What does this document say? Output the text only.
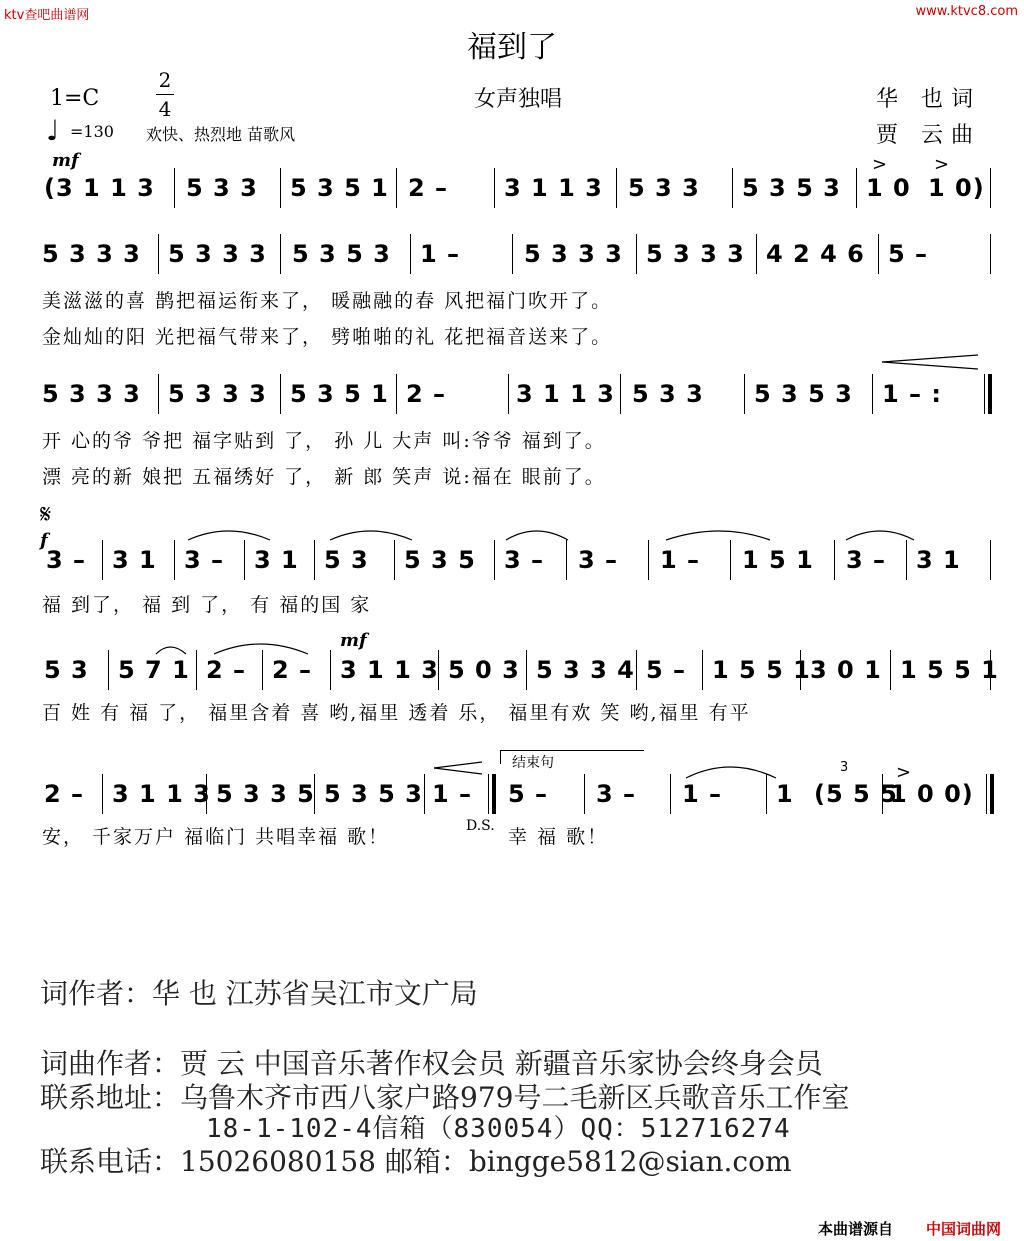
ktv查吧曲谱网	www.ktvc8.com
福到了
1=C
2
4	女声独唱	华 也词
贾 云曲
♩ =130 欢快、热烈地 苗歌风
mf
(3 1 1 3 5 3 3 5 3 5 1 2 – 3 1 1 3 5 3 3 5 3 5 3 1 0 1 0)
>	>
5 3 3 3 5 3 3 3 5 3 5 3 1 –	5 3 3 3 5 3 3 3 4 2 4 6 5 –
美滋滋的喜 鹊把福运衔来了， 暖融融的春 风把福门吹开了。
金灿灿的阳 光把福气带来了， 劈啪啪的礼 花把福音送来了。
5 3 3 3 5 3 3 3 5 3 5 1 2 –	3 1 1 3 5 3 3 5 3 5 3 1 – :
开 心的爷 爷把 福字贴到 了， 孙 儿 大声 叫:爷爷 福到了。
漂 亮的新 娘把 五福绣好 了， 新 郎 笑声 说:福在 眼前了。
𝄋
f
3 – 3 1 3 – 3 1 5 3 5 3 5 3 – 3 – 1 – 1 5 1 3 – 3 1
福 到了， 福 到 了， 有 福的国 家
mf
5 3 5 7 1 2 – 2 – 3 1 1 3 5 0 3 5 3 3 4 5 – 1 5 5 1 3 0 1 1 5 5 1
百 姓 有 福 了， 福里含着 喜 哟,福里 透着 乐， 福里有欢 笑 哟,福里 有平
结束句
2 – 3 1 1 3 5 3 3 5 5 3 5 3 1 – 5 – 3 – 1 – 1 (5 5 5
1 0 0)
3	>
安， 千家万户 福临门 共唱幸福 歌！	D.S. 幸 福 歌！
词作者：华 也 江苏省吴江市文广局
词曲作者：贾 云 中国音乐著作权会员 新疆音乐家协会终身会员
联系地址：乌鲁木齐市西八家户路979号二毛新区兵歌音乐工作室
18-1-102-4信箱（830054）QQ：512716274
联系电话：15026080158 邮箱：bingge5812@sian.com
本曲谱源自 中国词曲网
